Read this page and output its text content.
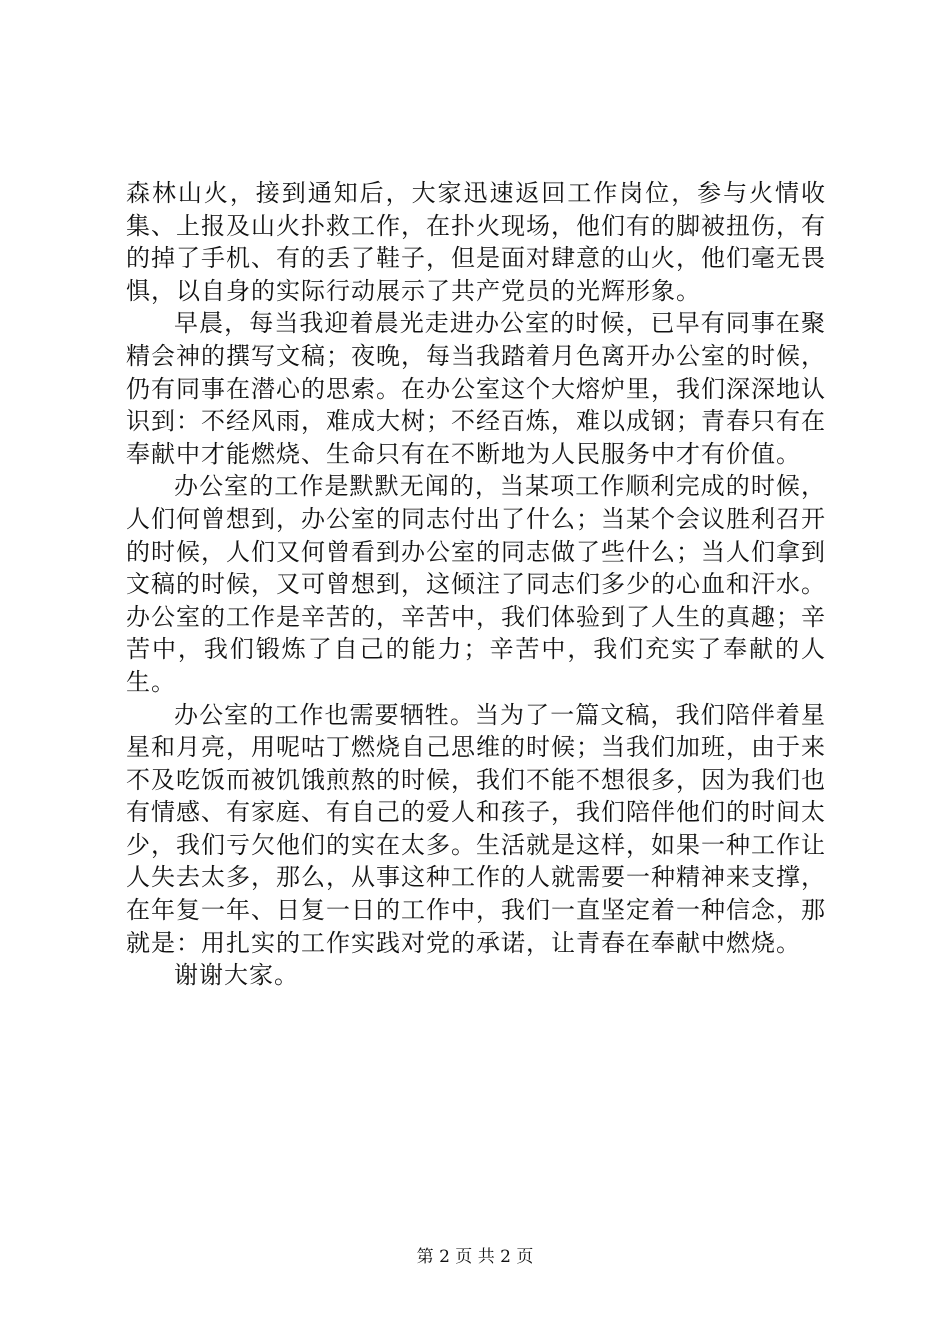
森林山火，接到通知后，大家迅速返回工作岗位，参与火情收集、上报及山火扑救工作，在扑火现场，他们有的脚被扭伤，有的掉了手机、有的丢了鞋子，但是面对肆意的山火，他们毫无畏惧，以自身的实际行动展示了共产党员的光辉形象。

早晨，每当我迎着晨光走进办公室的时候，已早有同事在聚精会神的撰写文稿；夜晚，每当我踏着月色离开办公室的时候，仍有同事在潜心的思索。在办公室这个大熔炉里，我们深深地认识到：不经风雨，难成大树；不经百炼，难以成钢；青春只有在奉献中才能燃烧、生命只有在不断地为人民服务中才有价值。

办公室的工作是默默无闻的，当某项工作顺利完成的时候，人们何曾想到，办公室的同志付出了什么；当某个会议胜利召开的时候，人们又何曾看到办公室的同志做了些什么；当人们拿到文稿的时候，又可曾想到，这倾注了同志们多少的心血和汗水。办公室的工作是辛苦的，辛苦中，我们体验到了人生的真趣；辛苦中，我们锻炼了自己的能力；辛苦中，我们充实了奉献的人生。

办公室的工作也需要牺牲。当为了一篇文稿，我们陪伴着星星和月亮，用呢咕丁燃烧自己思维的时候；当我们加班，由于来不及吃饭而被饥饿煎熬的时候，我们不能不想很多，因为我们也有情感、有家庭、有自己的爱人和孩子，我们陪伴他们的时间太少，我们亏欠他们的实在太多。生活就是这样，如果一种工作让人失去太多，那么，从事这种工作的人就需要一种精神来支撑，在年复一年、日复一日的工作中，我们一直坚定着一种信念，那就是：用扎实的工作实践对党的承诺，让青春在奉献中燃烧。

谢谢大家。

第 2 页 共 2 页
